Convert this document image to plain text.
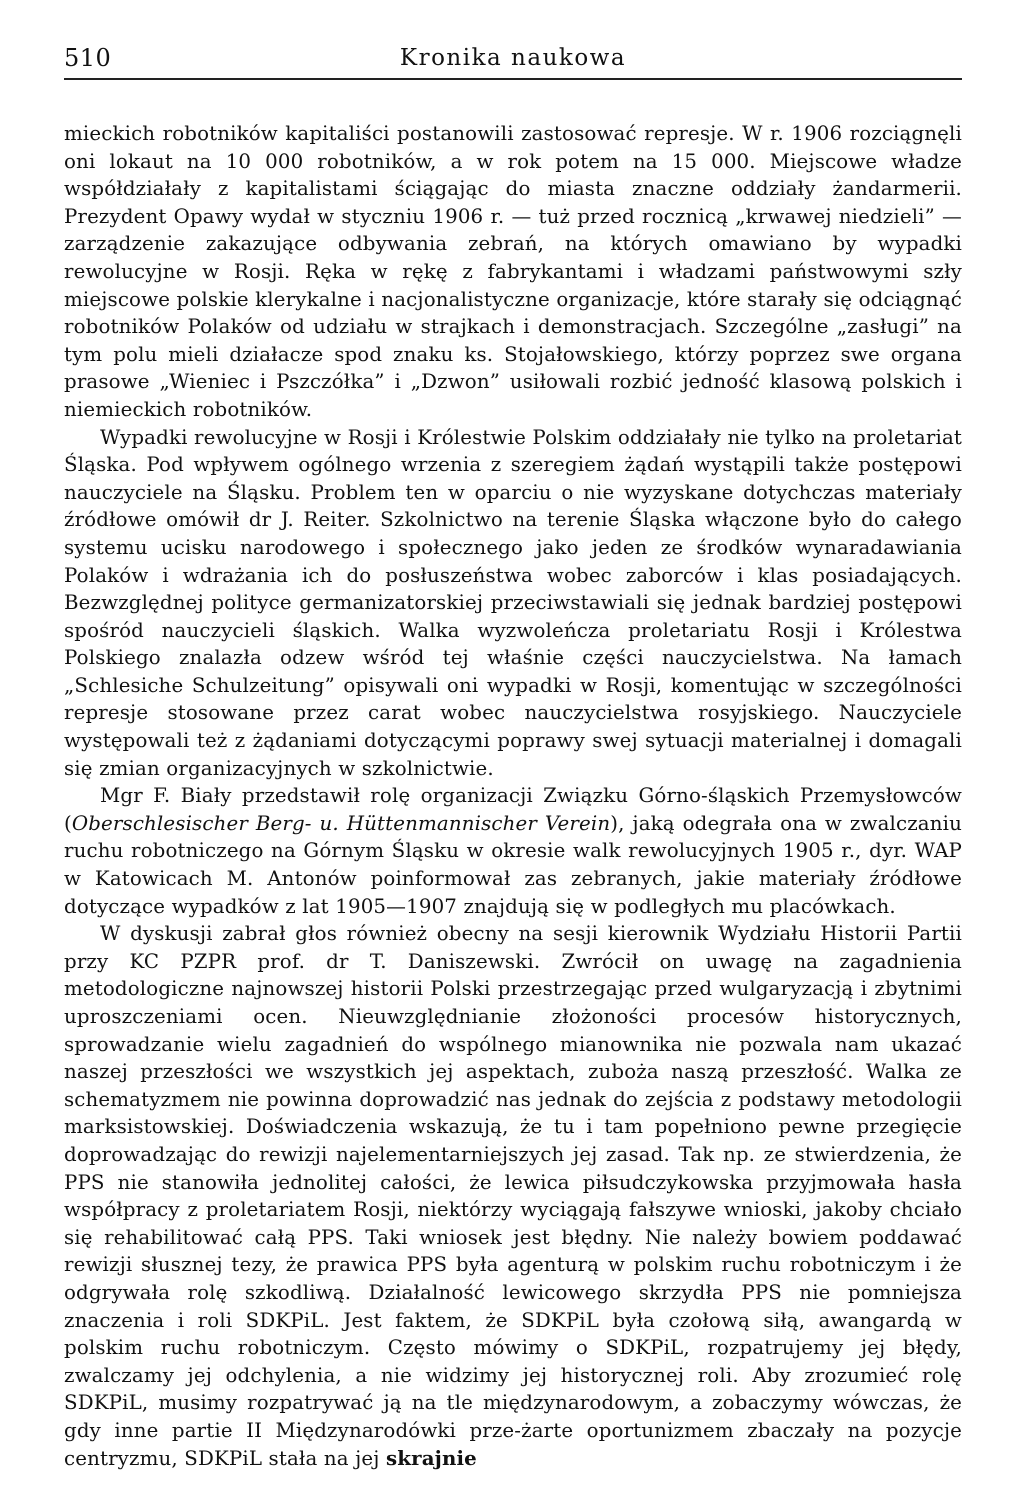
510	Kronika naukowa

mieckich robotników kapitaliści postanowili zastosować represje. W r. 1906 rozciągnęli oni lokaut na 10 000 robotników, a w rok potem na 15 000. Miejscowe władze współdziałały z kapitalistami ściągając do miasta znaczne oddziały żandarmerii. Prezydent Opawy wydał w styczniu 1906 r. — tuż przed rocznicą „krwawej niedzieli” — zarządzenie zakazujące odbywania zebrań, na których omawiano by wypadki rewolucyjne w Rosji. Ręka w rękę z fabrykantami i władzami państwowymi szły miejscowe polskie klerykalne i nacjonalistyczne organizacje, które starały się odciągnąć robotników Polaków od udziału w strajkach i demonstracjach. Szczególne „zasługi” na tym polu mieli działacze spod znaku ks. Stojałowskiego, którzy poprzez swe organa prasowe „Wieniec i Pszczółka” i „Dzwon” usiłowali rozbić jedność klasową polskich i niemieckich robotników.

Wypadki rewolucyjne w Rosji i Królestwie Polskim oddziałały nie tylko na proletariat Śląska. Pod wpływem ogólnego wrzenia z szeregiem żądań wystąpili także postępowi nauczyciele na Śląsku. Problem ten w oparciu o nie wyzyskane dotychczas materiały źródłowe omówił dr J. Reiter. Szkolnictwo na terenie Śląska włączone było do całego systemu ucisku narodowego i społecznego jako jeden ze środków wynaradawiania Polaków i wdrażania ich do posłuszeństwa wobec zaborców i klas posiadających. Bezwzględnej polityce germanizatorskiej przeciwstawiali się jednak bardziej postępowi spośród nauczycieli śląskich. Walka wyzwoleńcza proletariatu Rosji i Królestwa Polskiego znalazła odzew wśród tej właśnie części nauczycielstwa. Na łamach „Schlesiche Schulzeitung” opisywali oni wypadki w Rosji, komentując w szczególności represje stosowane przez carat wobec nauczycielstwa rosyjskiego. Nauczyciele występowali też z żądaniami dotyczącymi poprawy swej sytuacji materialnej i domagali się zmian organizacyjnych w szkolnictwie.

Mgr F. Biały przedstawił rolę organizacji Związku Górno-śląskich Przemysłowców (Oberschlesischer Berg- u. Hüttenmannischer Verein), jaką odegrała ona w zwalczaniu ruchu robotniczego na Górnym Śląsku w okresie walk rewolucyjnych 1905 r., dyr. WAP w Katowicach M. Antonów poinformował zas zebranych, jakie materiały źródłowe dotyczące wypadków z lat 1905—1907 znajdują się w podległych mu placówkach.

W dyskusji zabrał głos również obecny na sesji kierownik Wydziału Historii Partii przy KC PZPR prof. dr T. Daniszewski. Zwrócił on uwagę na zagadnienia metodologiczne najnowszej historii Polski przestrzegając przed wulgaryzacją i zbytnimi uproszczeniami ocen. Nieuwzględnianie złożoności procesów historycznych, sprowadzanie wielu zagadnień do wspólnego mianownika nie pozwala nam ukazać naszej przeszłości we wszystkich jej aspektach, zuboża naszą przeszłość. Walka ze schematyzmem nie powinna doprowadzić nas jednak do zejścia z podstawy metodologii marksistowskiej. Doświadczenia wskazują, że tu i tam popełniono pewne przegięcie doprowadzając do rewizji najelementarniejszych jej zasad. Tak np. ze stwierdzenia, że PPS nie stanowiła jednolitej całości, że lewica piłsudczykowska przyjmowała hasła współpracy z proletariatem Rosji, niektórzy wyciągają fałszywe wnioski, jakoby chciało się rehabilitować całą PPS. Taki wniosek jest błędny. Nie należy bowiem poddawać rewizji słusznej tezy, że prawica PPS była agenturą w polskim ruchu robotniczym i że odgrywała rolę szkodliwą. Działalność lewicowego skrzydła PPS nie pomniejsza znaczenia i roli SDKPiL. Jest faktem, że SDKPiL była czołową siłą, awangardą w polskim ruchu robotniczym. Często mówimy o SDKPiL, rozpatrujemy jej błędy, zwalczamy jej odchylenia, a nie widzimy jej historycznej roli. Aby zrozumieć rolę SDKPiL, musimy rozpatrywać ją na tle międzynarodowym, a zobaczymy wówczas, że gdy inne partie II Międzynarodówki prze-żarte oportunizmem zbaczały na pozycje centryzmu, SDKPiL stała na jej skrajnie
